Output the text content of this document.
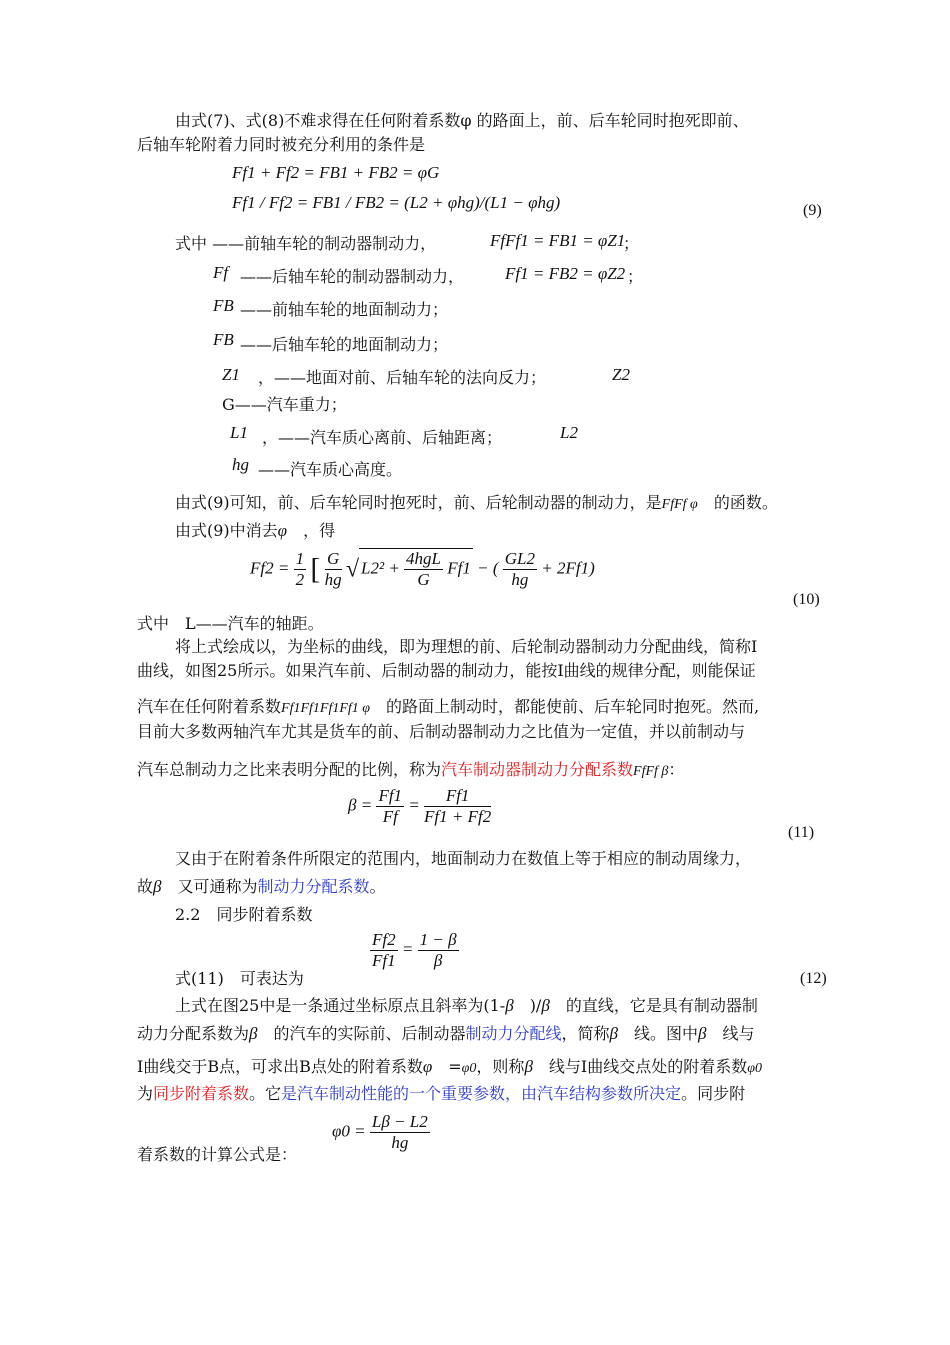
由式(7)、式(8)不难求得在任何附着系数φ 的路面上，前、后车轮同时抱死即前、
后轴车轮附着力同时被充分利用的条件是
Ff1 + Ff2 = FB1 + FB2 = φG
Ff1 / Ff2 = FB1 / FB2 = (L2 + φhg)/(L1 − φhg)	(9)
式中 ——前轴车轮的制动器制动力，	FfFf1 = FB1 = φZ1
；
Ff ——后轴车轮的制动器制动力， Ff1 = FB2 = φZ2 ；
FB ——前轴车轮的地面制动力；
FB ——后轴车轮的地面制动力；
Z1 ，——地面对前、后轴车轮的法向反力；	Z2
G——汽车重力；
L1 ，——汽车质心离前、后轴距离；	L2
hg ——汽车质心高度。
由式(9)可知，前、后车轮同时抱死时，前、后轮制动器的制动力，是FfFf φ　 的函数。
由式(9)中消去φ　 ，得
$Ff2 = \frac{1}{2}$ [ $\frac{G}{hg}$ √ $L2^2 + \frac{\text{4hgL}}{G} Ff1$ − ( $\frac{GL2}{hg} + 2Ff1$)
(10)
式中　L——汽车的轴距。
将上式绘成以，为坐标的曲线，即为理想的前、后轮制动器制动力分配曲线，简称I
曲线，如图25所示。如果汽车前、后制动器的制动力，能按I曲线的规律分配，则能保证
汽车在任何附着系数Ff1Ff1Ff1Ff1 φ　 的路面上制动时，都能使前、后车轮同时抱死。然而,
目前大多数两轴汽车尤其是货车的前、后制动器制动力之比值为一定值，并以前制动与
汽车总制动力之比来表明分配的比例，称为汽车制动器制动力分配系数FfFf β：
$\beta = \frac{Ff1}{Ff} = \frac{Ff1}{Ff1 + Ff2}$
(11)
又由于在附着条件所限定的范围内，地面制动力在数值上等于相应的制动周缘力，
故β　 又可通称为制动力分配系数。
2.2　同步附着系数
$\frac{Ff2}{Ff1} = \frac{1 - \beta}{\beta}$
式(11)　可表达为	(12)
上式在图25中是一条通过坐标原点且斜率为(1-β　 )/β　 的直线，它是具有制动器制
动力分配系数为β　 的汽车的实际前、后制动器制动力分配线，简称β　 线。图中β　 线与
I曲线交于B点，可求出B点处的附着系数φ　 =φ0，则称β　 线与I曲线交点处的附着系数φ0
为同步附着系数。它是汽车制动性能的一个重要参数，由汽车结构参数所决定。同步附
$\varphi 0 = \frac{L\beta - L2}{hg}$
着系数的计算公式是：
